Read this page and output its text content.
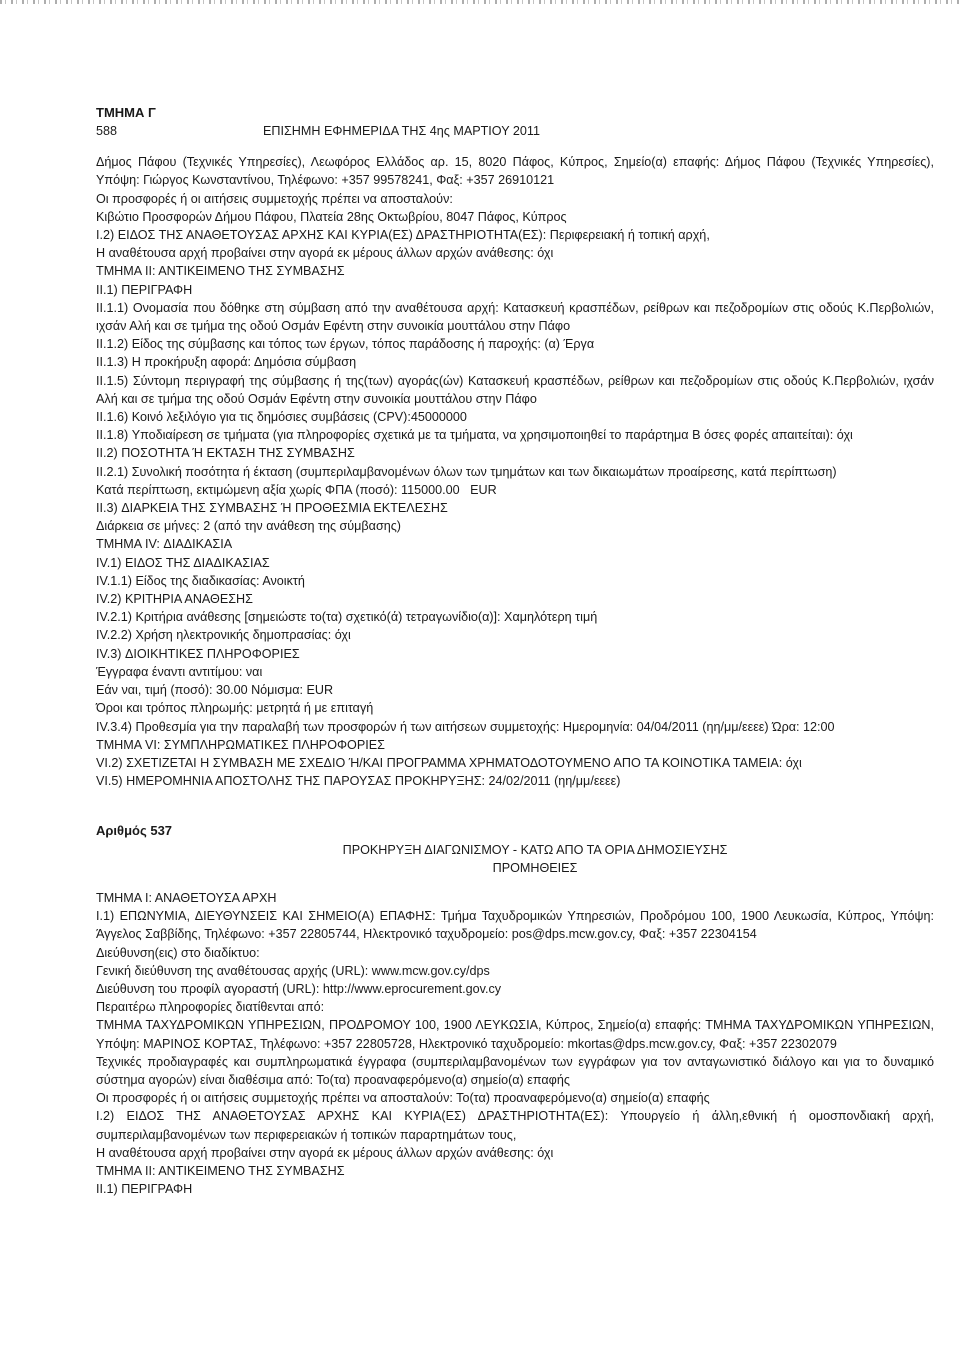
ΤΜΗΜΑ Γ

588	ΕΠΙΣΗΜΗ ΕΦΗΜΕΡΙΔΑ ΤΗΣ 4ης ΜΑΡΤΙΟΥ 2011

Δήμος Πάφου (Τεχνικές Υπηρεσίες), Λεωφόρος Ελλάδος αρ. 15, 8020 Πάφος, Κύπρος, Σημείο(α) επαφής: Δήμος Πάφου (Τεχνικές Υπηρεσίες), Υπόψη: Γιώργος Κωνσταντίνου, Τηλέφωνο: +357 99578241, Φαξ: +357 26910121

Οι προσφορές ή οι αιτήσεις συμμετοχής πρέπει να αποσταλούν:

Κιβώτιο Προσφορών Δήμου Πάφου, Πλατεία 28ης Οκτωβρίου, 8047 Πάφος, Κύπρος

I.2) ΕΙΔΟΣ ΤΗΣ ΑΝΑΘΕΤΟΥΣΑΣ ΑΡΧΗΣ ΚΑΙ ΚΥΡΙΑ(ΕΣ) ΔΡΑΣΤΗΡΙΟΤΗΤΑ(ΕΣ): Περιφερειακή ή τοπική αρχή,

Η αναθέτουσα αρχή προβαίνει στην αγορά εκ μέρους άλλων αρχών ανάθεσης: όχι

ΤΜΗΜΑ ΙΙ: ΑΝΤΙΚΕΙΜΕΝΟ ΤΗΣ ΣΥΜΒΑΣΗΣ

II.1) ΠΕΡΙΓΡΑΦΗ

II.1.1) Ονομασία που δόθηκε στη σύμβαση από την αναθέτουσα αρχή: Κατασκευή κρασπέδων, ρείθρων και πεζοδρομίων στις οδούς Κ.Περβολιών, ιχσάν Αλή και σε τμήμα της οδού Οσμάν Εφέντη στην συνοικία μουττάλου στην Πάφο

II.1.2) Είδος της σύμβασης και τόπος των έργων, τόπος παράδοσης ή παροχής: (α) Έργα

II.1.3) Η προκήρυξη αφορά: Δημόσια σύμβαση

II.1.5) Σύντομη περιγραφή της σύμβασης ή της(των) αγοράς(ών) Κατασκευή κρασπέδων, ρείθρων και πεζοδρομίων στις οδούς Κ.Περβολιών, ιχσάν Αλή και σε τμήμα της οδού Οσμάν Εφέντη στην συνοικία μουττάλου στην Πάφο

II.1.6) Κοινό λεξιλόγιο για τις δημόσιες συμβάσεις (CPV):45000000

II.1.8) Υποδιαίρεση σε τμήματα (για πληροφορίες σχετικά με τα τμήματα, να χρησιμοποιηθεί το παράρτημα Β όσες φορές απαιτείται): όχι

II.2) ΠΟΣΟΤΗΤΑ Ή ΕΚΤΑΣΗ ΤΗΣ ΣΥΜΒΑΣΗΣ

II.2.1) Συνολική ποσότητα ή έκταση (συμπεριλαμβανομένων όλων των τμημάτων και των δικαιωμάτων προαίρεσης, κατά περίπτωση)

Κατά περίπτωση, εκτιμώμενη αξία χωρίς ΦΠΑ (ποσό): 115000.00   EUR

II.3) ΔΙΑΡΚΕΙΑ ΤΗΣ ΣΥΜΒΑΣΗΣ Ή ΠΡΟΘΕΣΜΙΑ ΕΚΤΕΛΕΣΗΣ

Διάρκεια σε μήνες: 2 (από την ανάθεση της σύμβασης)

ΤΜΗΜΑ IV: ΔΙΑΔΙΚΑΣΙΑ

IV.1) ΕΙΔΟΣ ΤΗΣ ΔΙΑΔΙΚΑΣΙΑΣ

IV.1.1) Είδος της διαδικασίας: Ανοικτή

IV.2) ΚΡΙΤΗΡΙΑ ΑΝΑΘΕΣΗΣ

IV.2.1) Κριτήρια ανάθεσης [σημειώστε το(τα) σχετικό(ά) τετραγωνίδιο(α)]: Χαμηλότερη τιμή

IV.2.2) Χρήση ηλεκτρονικής δημοπρασίας: όχι

IV.3) ΔΙΟΙΚΗΤΙΚΕΣ ΠΛΗΡΟΦΟΡΙΕΣ

Έγγραφα έναντι αντιτίμου: ναι

Εάν ναι, τιμή (ποσό): 30.00 Νόμισμα: EUR

Όροι και τρόπος πληρωμής: μετρητά ή με επιταγή

IV.3.4) Προθεσμία για την παραλαβή των προσφορών ή των αιτήσεων συμμετοχής: Ημερομηνία: 04/04/2011 (ηη/μμ/εεεε) Ώρα: 12:00

ΤΜΗΜΑ VI: ΣΥΜΠΛΗΡΩΜΑΤΙΚΕΣ ΠΛΗΡΟΦΟΡΙΕΣ

VI.2) ΣΧΕΤΙΖΕΤΑΙ Η ΣΥΜΒΑΣΗ ΜΕ ΣΧΕΔΙΟ Ή/ΚΑΙ ΠΡΟΓΡΑΜΜΑ ΧΡΗΜΑΤΟΔΟΤΟΥΜΕΝΟ ΑΠΟ ΤΑ ΚΟΙΝΟΤΙΚΑ ΤΑΜΕΙΑ: όχι

VI.5) ΗΜΕΡΟΜΗΝΙΑ ΑΠΟΣΤΟΛΗΣ ΤΗΣ ΠΑΡΟΥΣΑΣ ΠΡΟΚΗΡΥΞΗΣ: 24/02/2011 (ηη/μμ/εεεε)

Αριθμός 537

ΠΡΟΚΗΡΥΞΗ ΔΙΑΓΩΝΙΣΜΟΥ - ΚΑΤΩ ΑΠΟ ΤΑ ΟΡΙΑ ΔΗΜΟΣΙΕΥΣΗΣ

ΠΡΟΜΗΘΕΙΕΣ

ΤΜΗΜΑ Ι: ΑΝΑΘΕΤΟΥΣΑ ΑΡΧΗ

I.1) ΕΠΩΝΥΜΙΑ, ΔΙΕΥΘΥΝΣΕΙΣ ΚΑΙ ΣΗΜΕΙΟ(Α) ΕΠΑΦΗΣ: Τμήμα Ταχυδρομικών Υπηρεσιών, Προδρόμου 100, 1900 Λευκωσία, Κύπρος, Υπόψη: Άγγελος Σαββίδης, Τηλέφωνο: +357 22805744, Ηλεκτρονικό ταχυδρομείο: pos@dps.mcw.gov.cy, Φαξ: +357 22304154

Διεύθυνση(εις) στο διαδίκτυο:

Γενική διεύθυνση της αναθέτουσας αρχής (URL): www.mcw.gov.cy/dps

Διεύθυνση του προφίλ αγοραστή (URL): http://www.eprocurement.gov.cy

Περαιτέρω πληροφορίες διατίθενται από:

ΤΜΗΜΑ ΤΑΧΥΔΡΟΜΙΚΩΝ ΥΠΗΡΕΣΙΩΝ, ΠΡΟΔΡΟΜΟΥ 100, 1900 ΛΕΥΚΩΣΙΑ, Κύπρος, Σημείο(α) επαφής: ΤΜΗΜΑ ΤΑΧΥΔΡΟΜΙΚΩΝ ΥΠΗΡΕΣΙΩΝ, Υπόψη: ΜΑΡΙΝΟΣ ΚΟΡΤΑΣ, Τηλέφωνο: +357 22805728, Ηλεκτρονικό ταχυδρομείο: mkortas@dps.mcw.gov.cy, Φαξ: +357 22302079

Τεχνικές προδιαγραφές και συμπληρωματικά έγγραφα (συμπεριλαμβανομένων των εγγράφων για τον ανταγωνιστικό διάλογο και για το δυναμικό σύστημα αγορών) είναι διαθέσιμα από: Το(τα) προαναφερόμενο(α) σημείο(α) επαφής

Οι προσφορές ή οι αιτήσεις συμμετοχής πρέπει να αποσταλούν: Το(τα) προαναφερόμενο(α) σημείο(α) επαφής

I.2) ΕΙΔΟΣ ΤΗΣ ΑΝΑΘΕΤΟΥΣΑΣ ΑΡΧΗΣ ΚΑΙ ΚΥΡΙΑ(ΕΣ) ΔΡΑΣΤΗΡΙΟΤΗΤΑ(ΕΣ): Υπουργείο ή άλλη,εθνική ή ομοσπονδιακή αρχή, συμπεριλαμβανομένων των περιφερειακών ή τοπικών παραρτημάτων τους,

Η αναθέτουσα αρχή προβαίνει στην αγορά εκ μέρους άλλων αρχών ανάθεσης: όχι

ΤΜΗΜΑ ΙΙ: ΑΝΤΙΚΕΙΜΕΝΟ ΤΗΣ ΣΥΜΒΑΣΗΣ

II.1) ΠΕΡΙΓΡΑΦΗ
